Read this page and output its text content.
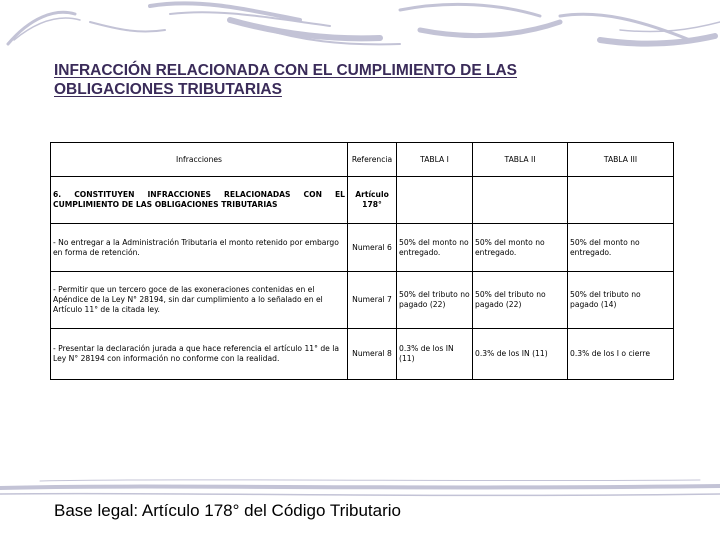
INFRACCIÓN RELACIONADA CON EL CUMPLIMIENTO DE LAS
OBLIGACIONES TRIBUTARIAS
Infracciones	Referencia	TABLA I	TABLA II	TABLA III
6. CONSTITUYEN INFRACCIONES RELACIONADAS CON EL CUMPLIMIENTO DE LAS OBLIGACIONES TRIBUTARIAS	Artículo 178°			
- No entregar a la Administración Tributaria el monto retenido por embargo en forma de retención.	Numeral 6	50% del monto no entregado.	50% del monto no entregado.	50% del monto no entregado.
- Permitir que un tercero goce de las exoneraciones contenidas en el Apéndice de la Ley N° 28194, sin dar cumplimiento a lo señalado en el Artículo 11° de la citada ley.	Numeral 7	50% del tributo no pagado (22)	50% del tributo no pagado (22)	50% del tributo no pagado (14)
- Presentar la declaración jurada a que hace referencia el artículo 11° de la Ley N° 28194 con información no conforme con la realidad.	Numeral 8	0.3% de los IN (11)	0.3% de los IN (11)	0.3% de los I o cierre

Base legal: Artículo 178° del Código Tributario
